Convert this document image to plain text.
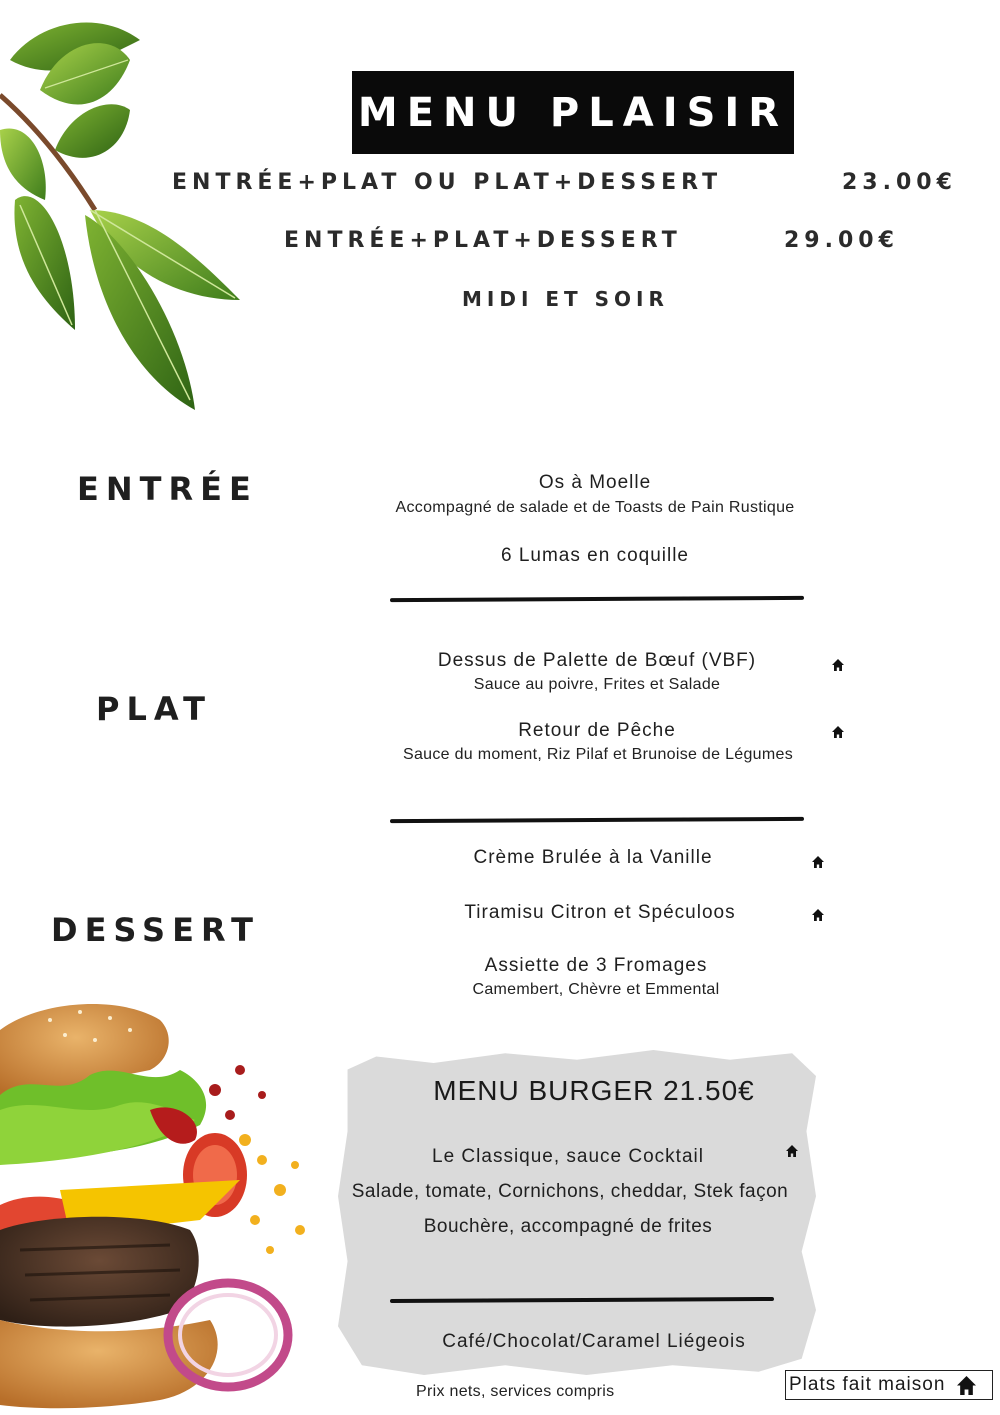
MENU PLAISIR
ENTRÉE+PLAT OU PLAT+DESSERT	23.00€
ENTRÉE+PLAT+DESSERT	29.00€
MIDI ET SOIR
ENTRÉE	Os à Moelle
Accompagné de salade et de Toasts de Pain Rustique
6 Lumas en coquille
PLAT
Dessus de Palette de Bœuf (VBF)
Sauce au poivre, Frites et Salade
Retour de Pêche
Sauce du moment, Riz Pilaf et Brunoise de Légumes
DESSERT
Crème Brulée à la Vanille
Tiramisu Citron et Spéculoos
Assiette de 3 Fromages
Camembert, Chèvre et Emmental
MENU BURGER 21.50€
Le Classique, sauce Cocktail
Salade, tomate, Cornichons, cheddar, Stek façon
Bouchère, accompagné de frites
Café/Chocolat/Caramel Liégeois
Prix nets, services compris	Plats fait maison
